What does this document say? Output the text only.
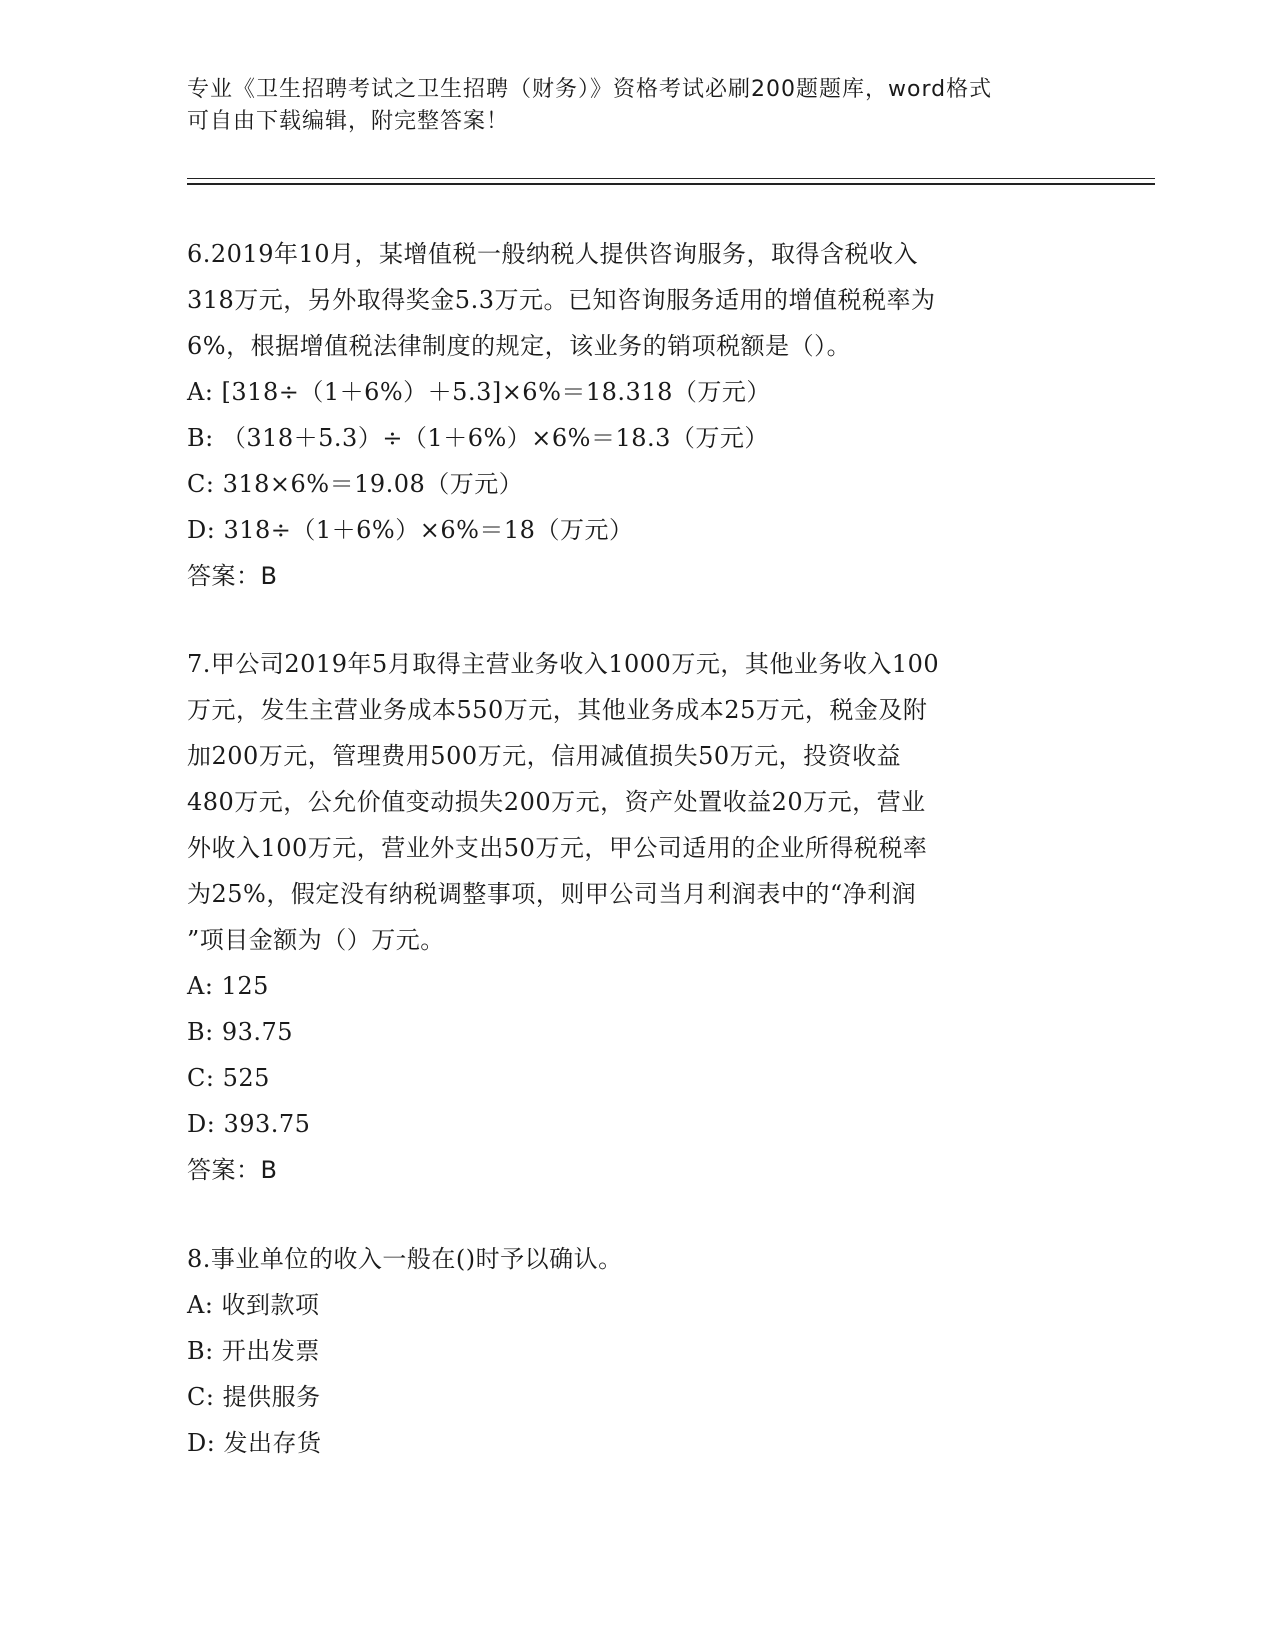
专业《卫生招聘考试之卫生招聘（财务）》资格考试必刷200题题库，word格式
可自由下载编辑，附完整答案！

6.2019年10月，某增值税一般纳税人提供咨询服务，取得含税收入

318万元，另外取得奖金5.3万元。已知咨询服务适用的增值税税率为

6%，根据增值税法律制度的规定，该业务的销项税额是（）。

A: [318÷（1＋6%）＋5.3]×6%＝18.318（万元）

B: （318＋5.3）÷（1＋6%）×6%＝18.3（万元）

C: 318×6%＝19.08（万元）

D: 318÷（1＋6%）×6%＝18（万元）

答案：B

7.甲公司2019年5月取得主营业务收入1000万元，其他业务收入100

万元，发生主营业务成本550万元，其他业务成本25万元，税金及附

加200万元，管理费用500万元，信用减值损失50万元，投资收益

480万元，公允价值变动损失200万元，资产处置收益20万元，营业

外收入100万元，营业外支出50万元，甲公司适用的企业所得税税率

为25%，假定没有纳税调整事项，则甲公司当月利润表中的“净利润

”项目金额为（）万元。

A: 125

B: 93.75

C: 525

D: 393.75

答案：B

8.事业单位的收入一般在()时予以确认。

A: 收到款项

B: 开出发票

C: 提供服务

D: 发出存货
